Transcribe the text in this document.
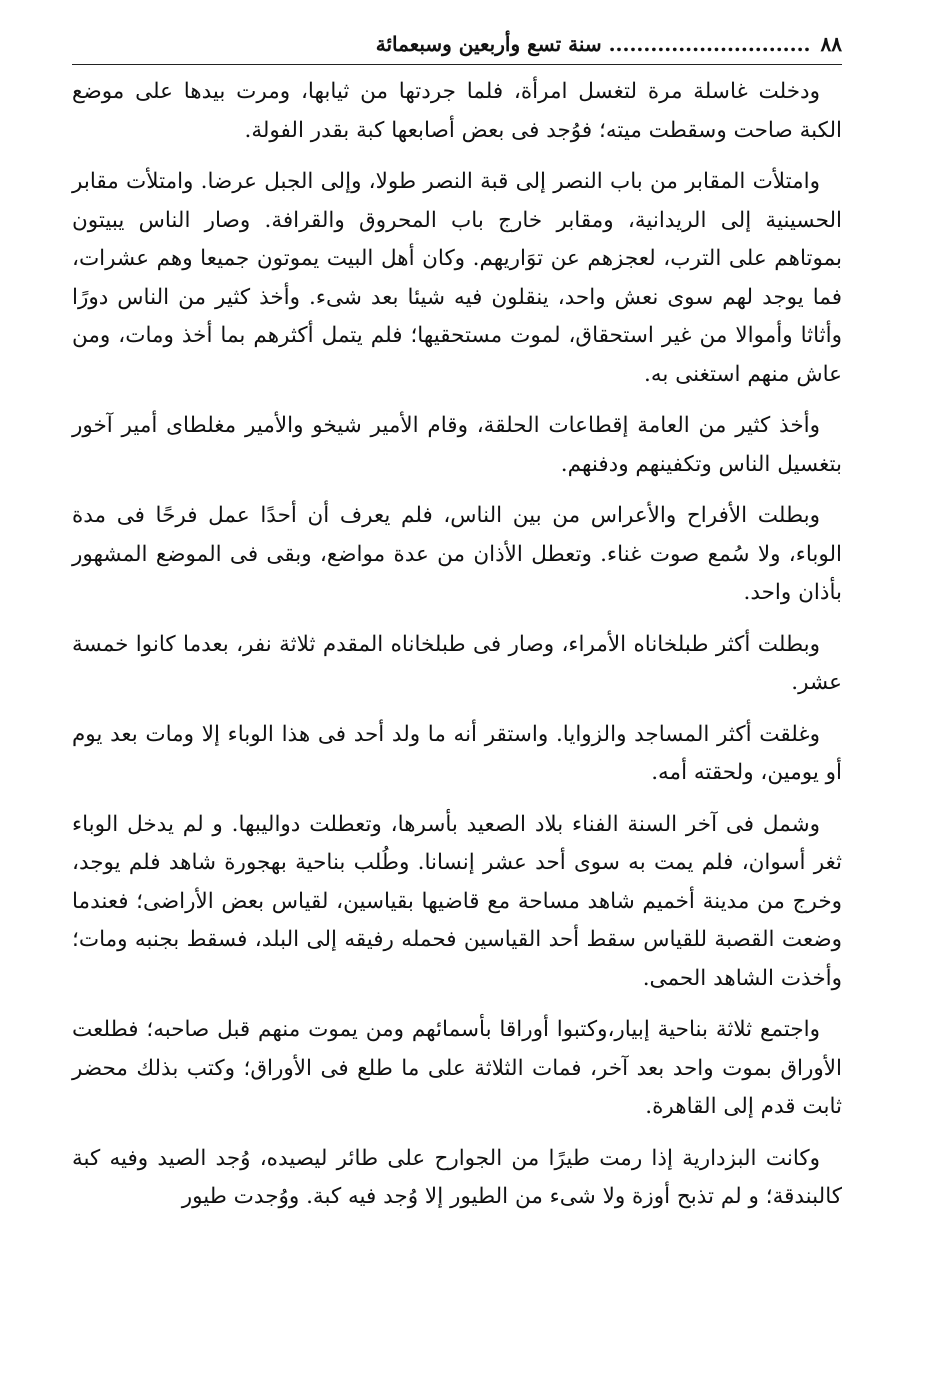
٨٨
............................. سنة تسع وأربعين وسبعمائة

ودخلت غاسلة مرة لتغسل امرأة، فلما جردتها من ثيابها، ومرت بيدها على موضع الكبة صاحت وسقطت ميته؛ فوُجد فى بعض أصابعها كبة بقدر الفولة.

وامتلأت المقابر من باب النصر إلى قبة النصر طولا، وإلى الجبل عرضا. وامتلأت مقابر الحسينية إلى الريدانية، ومقابر خارج باب المحروق والقرافة. وصار الناس يبيتون بموتاهم على الترب، لعجزهم عن توَاريهم. وكان أهل البيت يموتون جميعا وهم عشرات، فما يوجد لهم سوى نعش واحد، ينقلون فيه شيئا بعد شىء. وأخذ كثير من الناس دورًا وأثاثا وأموالا من غير استحقاق، لموت مستحقيها؛ فلم يتمل أكثرهم بما أخذ ومات، ومن عاش منهم استغنى به.

وأخذ كثير من العامة إقطاعات الحلقة، وقام الأمير شيخو والأمير مغلطاى أمير آخور بتغسيل الناس وتكفينهم ودفنهم.

وبطلت الأفراح والأعراس من بين الناس، فلم يعرف أن أحدًا عمل فرحًا فى مدة الوباء، ولا سُمع صوت غناء. وتعطل الأذان من عدة مواضع، وبقى فى الموضع المشهور بأذان واحد.

وبطلت أكثر طبلخاناه الأمراء، وصار فى طبلخاناه المقدم ثلاثة نفر، بعدما كانوا خمسة عشر.

وغلقت أكثر المساجد والزوايا. واستقر أنه ما ولد أحد فى هذا الوباء إلا ومات بعد يوم أو يومين، ولحقته أمه.

وشمل فى آخر السنة الفناء بلاد الصعيد بأسرها، وتعطلت دواليبها. و لم يدخل الوباء ثغر أسوان، فلم يمت به سوى أحد عشر إنسانا. وطُلب بناحية بهجورة شاهد فلم يوجد، وخرج من مدينة أخميم شاهد مساحة مع قاضيها بقياسين، لقياس بعض الأراضى؛ فعندما وضعت القصبة للقياس سقط أحد القياسين فحمله رفيقه إلى البلد، فسقط بجنبه ومات؛ وأخذت الشاهد الحمى.

واجتمع ثلاثة بناحية إبيار،وكتبوا أوراقا بأسمائهم ومن يموت منهم قبل صاحبه؛ فطلعت الأوراق بموت واحد بعد آخر، فمات الثلاثة على ما طلع فى الأوراق؛ وكتب بذلك محضر ثابت قدم إلى القاهرة.

وكانت البزدارية إذا رمت طيرًا من الجوارح على طائر ليصيده، وُجد الصيد وفيه كبة كالبندقة؛ و لم تذبح أوزة ولا شىء من الطيور إلا وُجد فيه كبة. ووُجدت طيور
